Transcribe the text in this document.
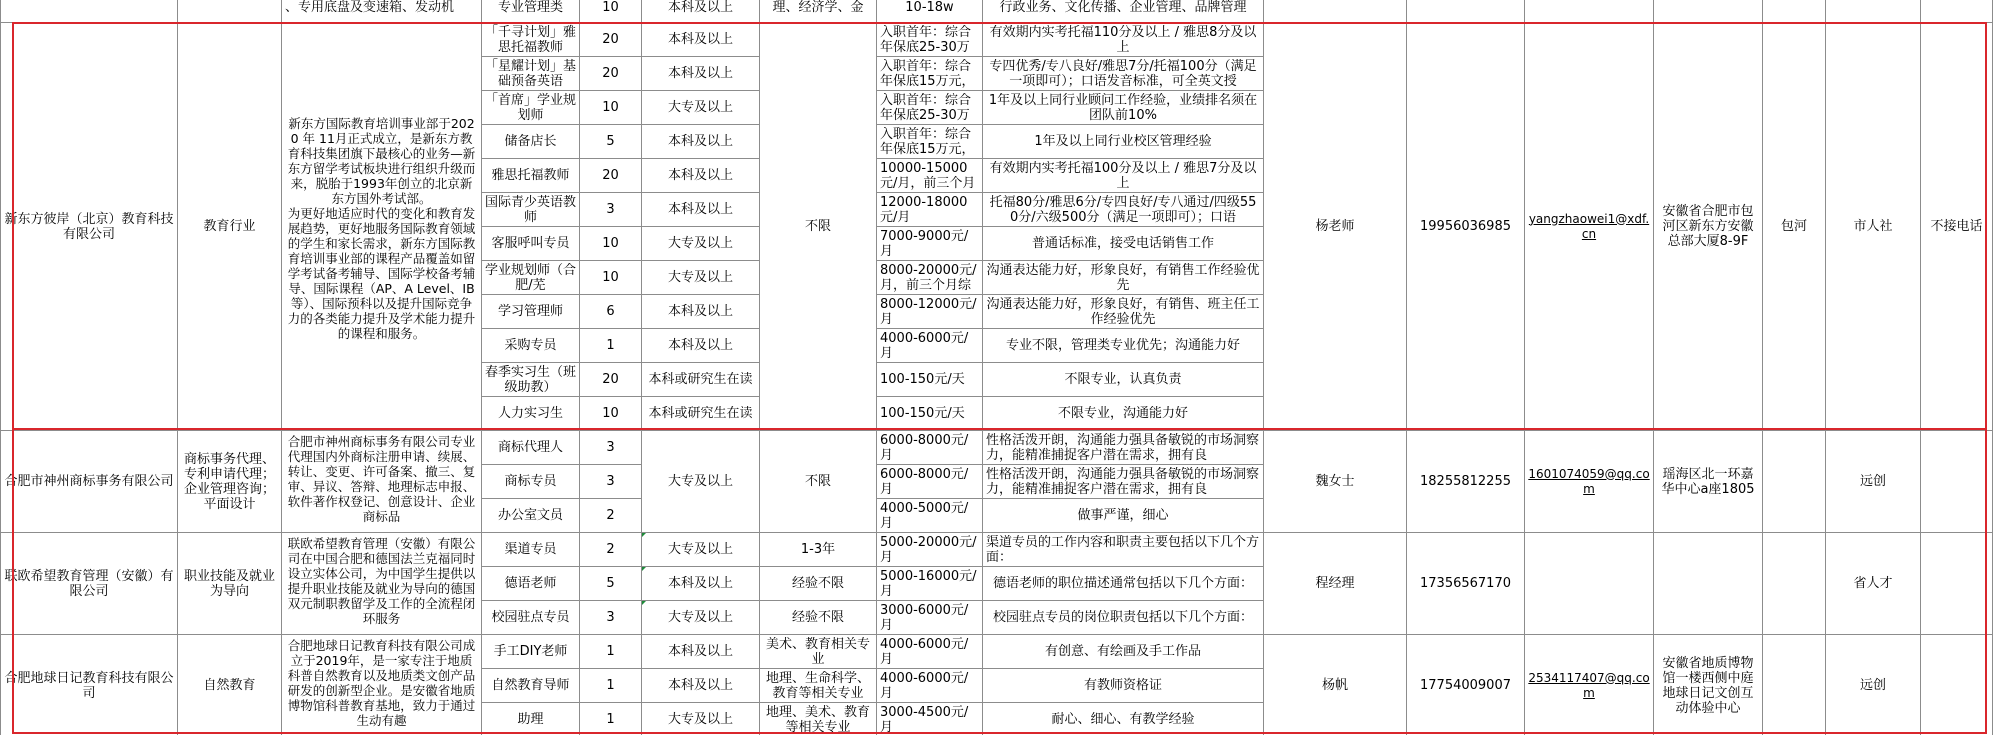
		、专用底盘及变速箱、发动机	专业管理类	10	本科及以上	理、经济学、金	10-18w	行政业务、文化传播、企业管理、品牌管理							
新东方彼岸（北京）教育科技有限公司	教育行业	新东方国际教育培训事业部于2020 年 11月正式成立，是新东方教育科技集团旗下最核心的业务—新东方留学考试板块进行组织升级而来，脱胎于1993年创立的北京新东方国外考试部。
为更好地适应时代的变化和教育发展趋势，更好地服务国际教育领域的学生和家长需求，新东方国际教育培训事业部的课程产品覆盖如留学考试备考辅导、国际学校备考辅导、国际课程（AP、A Level、IB等）、国际预科以及提升国际竞争力的各类能力提升及学术能力提升的课程和服务。	「千寻计划」雅思托福教师	20	本科及以上	不限	入职首年：综合年保底25-30万	有效期内实考托福110分及以上 / 雅思8分及以上	杨老师	19956036985	yangzhaowei1@xdf.cn	安徽省合肥市包河区新东方安徽总部大厦8-9F	包河	市人社	不接电话
			「星耀计划」基础预备英语	20	本科及以上		入职首年：综合年保底15万元，	专四优秀/专八良好/雅思7分/托福100分（满足一项即可）；口语发音标准，可全英文授							

			「首席」学业规划师	10	大专及以上		入职首年：综合年保底25-30万	1年及以上同行业顾问工作经验，业绩排名须在团队前10%							

			储备店长	5	本科及以上		入职首年：综合年保底15万元，	1年及以上同行业校区管理经验							

			雅思托福教师	20	本科及以上		10000-15000元/月，前三个月	有效期内实考托福100分及以上 / 雅思7分及以上							

			国际青少英语教师	3	本科及以上		12000-18000元/月	托福80分/雅思6分/专四良好/专八通过/四级550分/六级500分（满足一项即可）；口语							

			客服呼叫专员	10	大专及以上		7000-9000元/月	普通话标准，接受电话销售工作							

			学业规划师（合肥/芜	10	大专及以上		8000-20000元/月，前三个月综	沟通表达能力好，形象良好，有销售工作经验优先							

			学习管理师	6	本科及以上		8000-12000元/月	沟通表达能力好，形象良好，有销售、班主任工作经验优先							

			采购专员	1	本科及以上		4000-6000元/月	专业不限，管理类专业优先；沟通能力好							

			春季实习生（班级助教）	20	本科或研究生在读		100-150元/天	不限专业，认真负责							

			人力实习生	10	本科或研究生在读		100-150元/天	不限专业，沟通能力好							

合肥市神州商标事务有限公司	商标事务代理、专利申请代理；企业管理咨询；平面设计	合肥市神州商标事务有限公司专业代理国内外商标注册申请、续展、转让、变更、许可备案、撤三、复审、异议、答辩、地理标志申报、软件著作权登记、创意设计、企业商标品	商标代理人	3	大专及以上	不限	6000-8000元/月	性格活泼开朗，沟通能力强具备敏锐的市场洞察力，能精准捕捉客户潜在需求，拥有良	魏女士	18255812255	1601074059@qq.com	瑶海区北一环嘉华中心a座1805		远创	
			商标专员	3			6000-8000元/月	性格活泼开朗，沟通能力强具备敏锐的市场洞察力，能精准捕捉客户潜在需求，拥有良							

			办公室文员	2			4000-5000元/月	做事严谨，细心							
联欧希望教育管理（安徽）有限公司	职业技能及就业为导向	联欧希望教育管理（安徽）有限公司在中国合肥和德国法兰克福同时设立实体公司，为中国学生提供以提升职业技能及就业为导向的德国双元制职教留学及工作的全流程闭环服务	渠道专员	2	大专及以上	1-3年	5000-20000元/月	渠道专员的工作内容和职责主要包括以下几个方面：	程经理	17356567170				省人才	
			德语老师	5	本科及以上	经验不限	5000-16000元/月	德语老师的职位描述通常包括以下几个方面：							

			校园驻点专员	3	大专及以上	经验不限	3000-6000元/月	校园驻点专员的岗位职责包括以下几个方面：							

合肥地球日记教育科技有限公司	自然教育	合肥地球日记教育科技有限公司成立于2019年，是一家专注于地质科普自然教育以及地质类文创产品研发的创新型企业。是安徽省地质博物馆科普教育基地，致力于通过生动有趣	手工DIY老师	1	本科及以上	美术、教育相关专业	4000-6000元/月	有创意、有绘画及手工作品	杨帆	17754009007	2534117407@qq.com	安徽省地质博物馆一楼西侧中庭地球日记文创互动体验中心		远创	
			自然教育导师	1	本科及以上	地理、生命科学、教育等相关专业	4000-6000元/月	有教师资格证							
			助理	1	大专及以上	地理、美术、教育等相关专业	3000-4500元/月	耐心、细心、有教学经验							
